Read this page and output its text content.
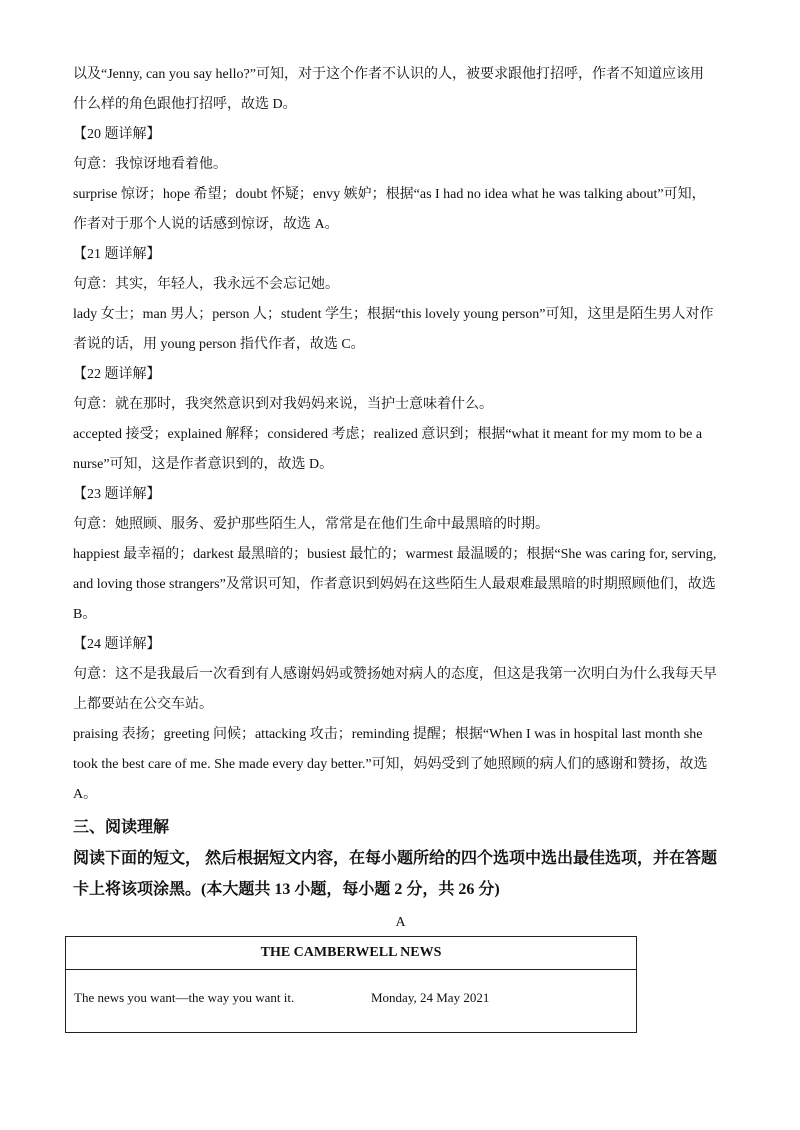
以及“Jenny, can you say hello?”可知，对于这个作者不认识的人，被要求跟他打招呼，作者不知道应该用
什么样的角色跟他打招呼，故选 D。
【20 题详解】
句意：我惊讶地看着他。
surprise 惊讶；hope 希望；doubt 怀疑；envy 嫉妒；根据“as I had no idea what he was talking about”可知，
作者对于那个人说的话感到惊讶，故选 A。
【21 题详解】
句意：其实，年轻人，我永远不会忘记她。
lady 女士；man 男人；person 人；student 学生；根据“this lovely young person”可知，这里是陌生男人对作
者说的话，用 young person 指代作者，故选 C。
【22 题详解】
句意：就在那时，我突然意识到对我妈妈来说，当护士意味着什么。
accepted 接受；explained 解释；considered 考虑；realized 意识到；根据“what it meant for my mom to be a
nurse”可知，这是作者意识到的，故选 D。
【23 题详解】
句意：她照顾、服务、爱护那些陌生人，常常是在他们生命中最黑暗的时期。
happiest 最幸福的；darkest 最黑暗的；busiest 最忙的；warmest 最温暖的；根据“She was caring for, serving,
and loving those strangers”及常识可知，作者意识到妈妈在这些陌生人最艰难最黑暗的时期照顾他们，故选
B。
【24 题详解】
句意：这不是我最后一次看到有人感谢妈妈或赞扬她对病人的态度，但这是我第一次明白为什么我每天早
上都要站在公交车站。
praising 表扬；greeting 问候；attacking 攻击；reminding 提醒；根据“When I was in hospital last month she
took the best care of me. She made every day better.”可知，妈妈受到了她照顾的病人们的感谢和赞扬，故选
A。
三、阅读理解
阅读下面的短文， 然后根据短文内容，在每小题所给的四个选项中选出最佳选项，并在答题
卡上将该项涂黑。(本大题共 13 小题，每小题 2 分，共 26 分)
A
THE CAMBERWELL NEWS
The news you want—the way you want it.	Monday, 24 May 2021
